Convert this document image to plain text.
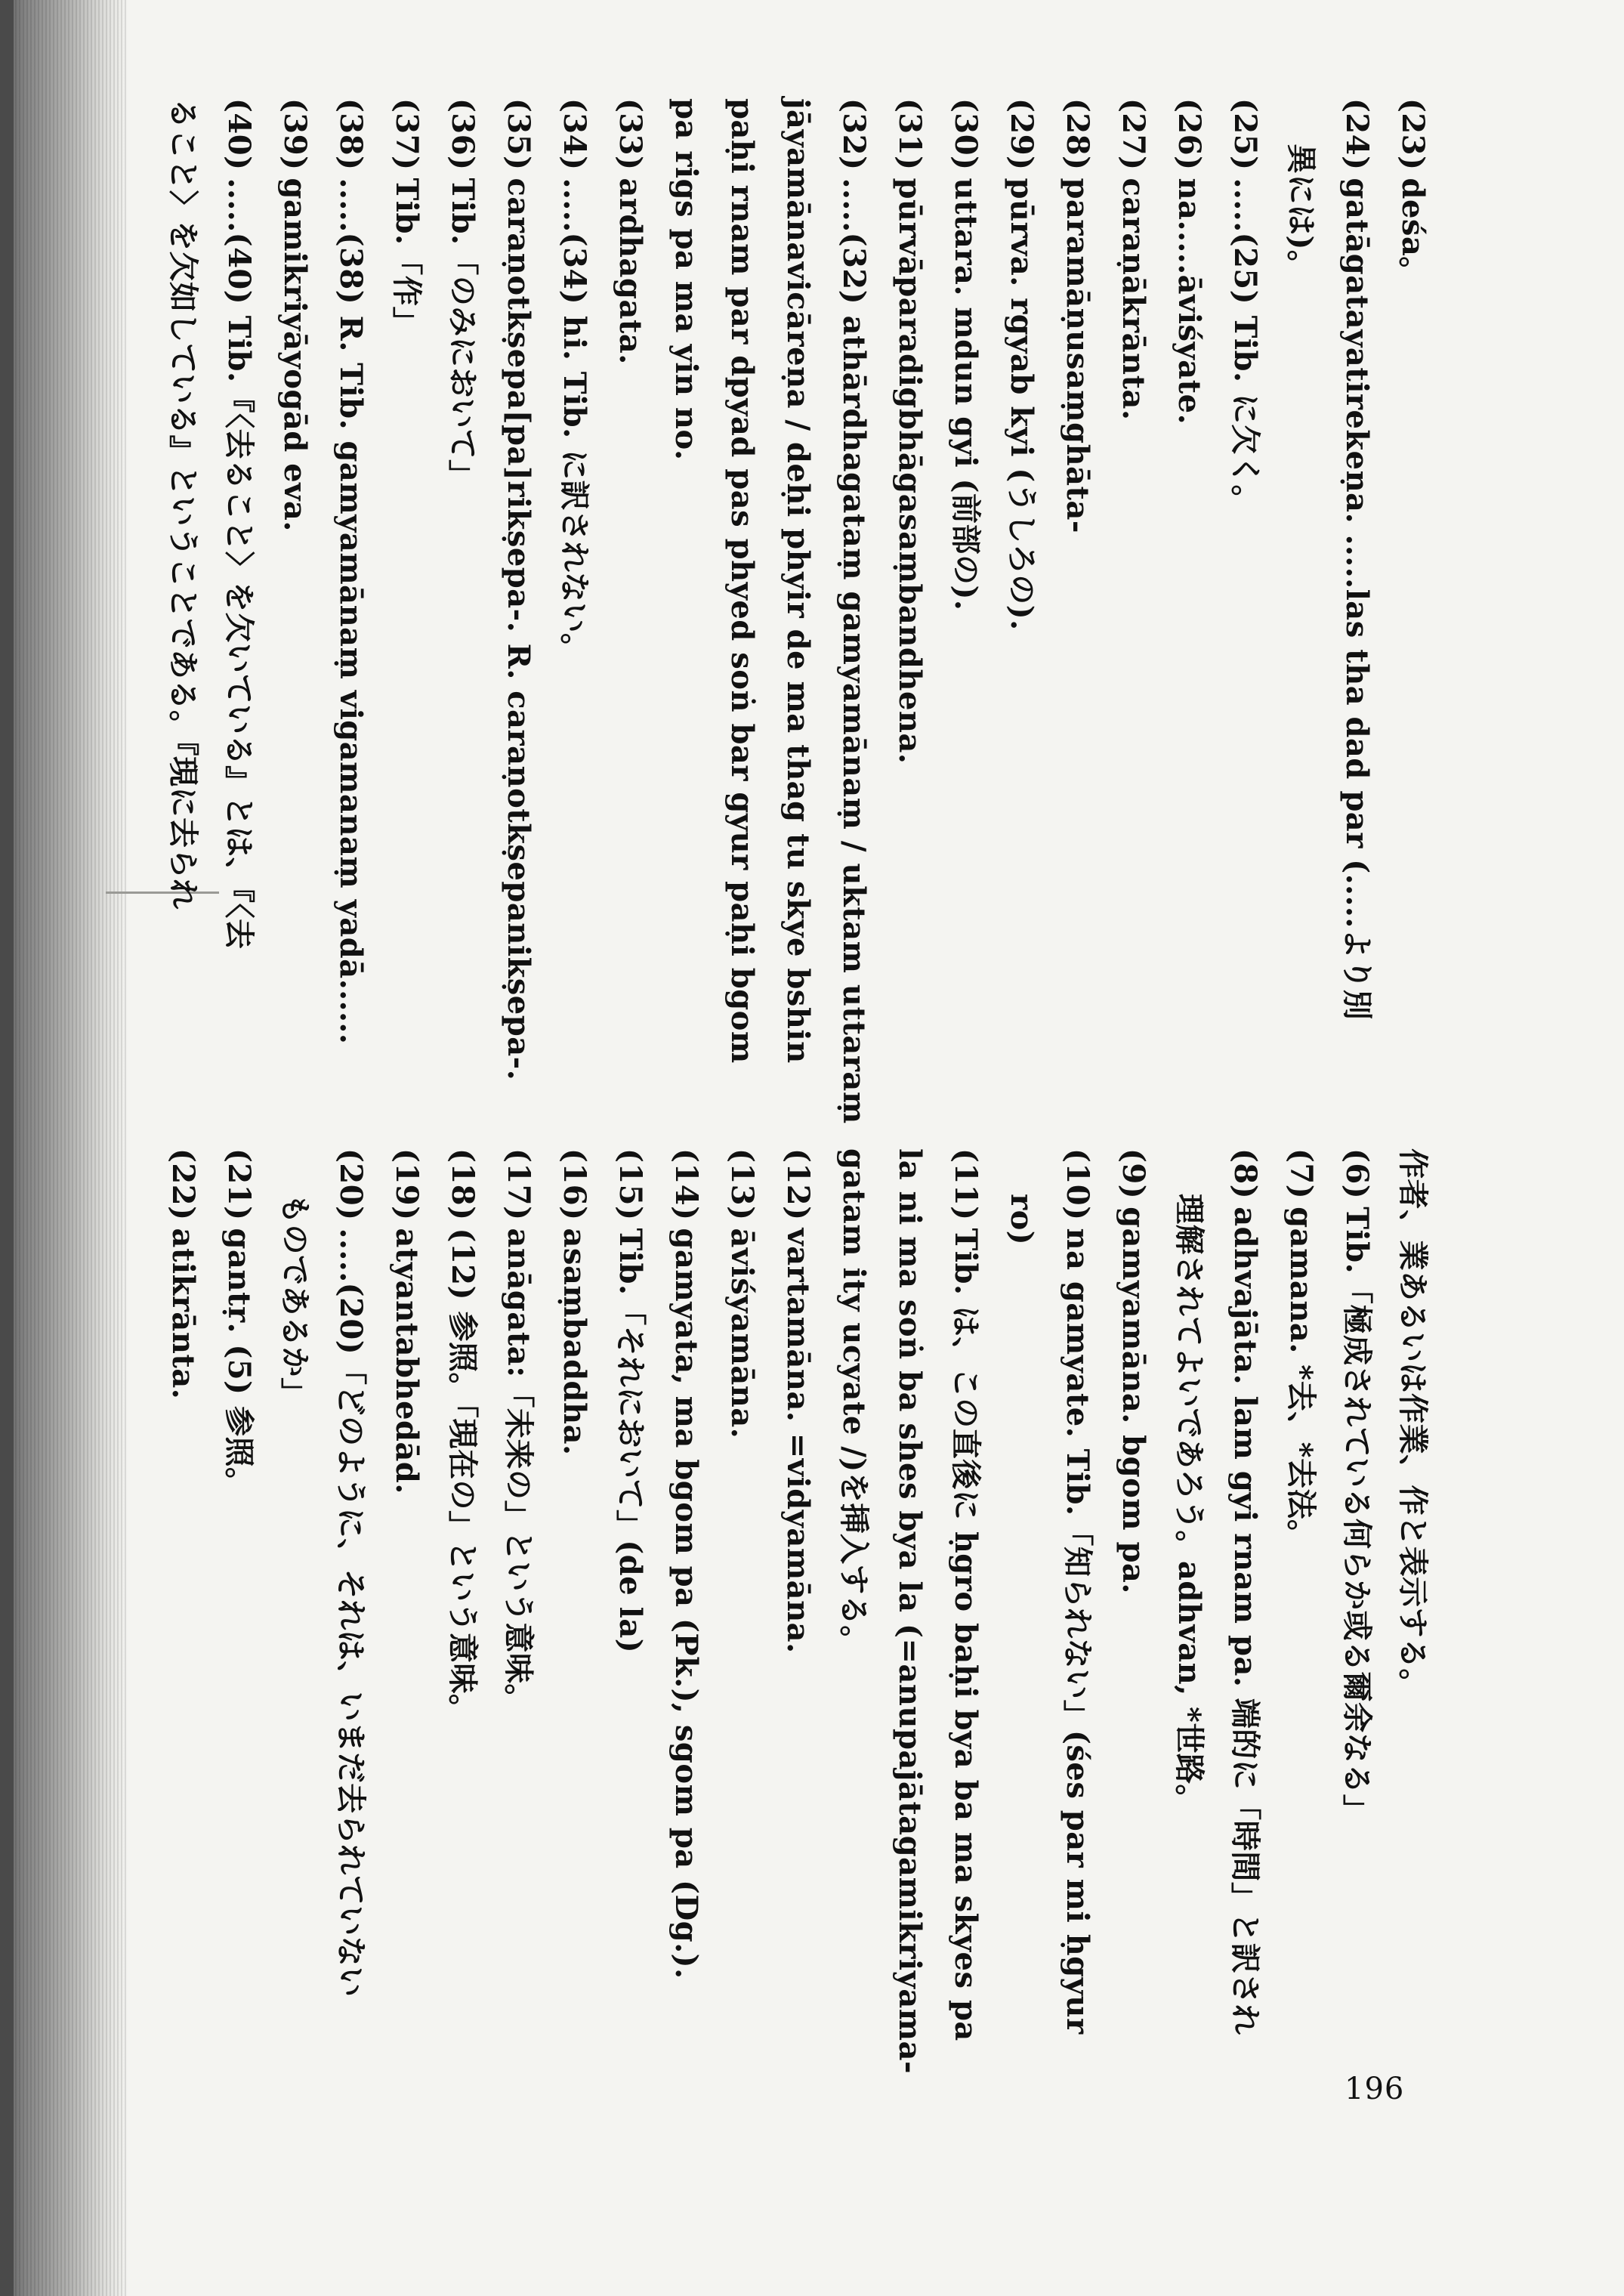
196
(23)deśa。
(24)gatāgatayatirekeṇa. .....las tha dad par (.....より別
異には)。
(25).....(25) Tib. に欠く。
(26)na.....āviśyate.
(27)caraṇākrānta.
(28)paramāṇusaṃghāta-
(29)pūrva. rgyab kyi (うしろの).
(30)uttara. mdun gyi (前部の).
(31)pūrvāparadigbhāgasaṃbandhena.
(32).....(32) athārdhagataṃ gamyamānaṃ / uktam uttaraṃ
jāyamānavicāreṇa / deḥi phyir de ma thag tu skye bshin
paḥi rnam par dpyad pas phyed soṅ bar gyur paḥi bgom
pa rigs pa ma yin no.
(33)ardhagata.
(34).....(34) hi. Tib. に訳されない。
(35)caraṇotkṣepa[pa]rikṣepa-. R. caraṇotkṣepanikṣepa-.
(36)Tib.「のみにおいて」
(37)Tib.「作」
(38).....(38) R. Tib. gamyamānaṃ vigamanaṃ yadā......
(39)gamikriyāyogād eva.
(40).....(40) Tib.『〈去ること〉を欠いている』とは、『〈去
ること〉を欠如している』ということである。『現に去られ
作者、業あるいは作業、作と表示する。
(6)Tib.「極成されている何らか或る爾余なる」
(7)gamana. *去、*去法。
(8)adhvajāta. lam gyi rnam pa. 端的に「時間」と訳され
理解されてよいであろう。adhvan, *世路。
(9)gamyamāna. bgom pa.
(10)na gamyate. Tib.「知られない」(śes par mi ḥgyur
ro)
(11)Tib. は、この直後に ḥgro baḥi bya ba ma skyes pa
la ni ma soṅ ba shes bya la (=anupajātagamikriyama-
gatam ity ucyate /)を挿入する。
(12)vartamāna. =vidyamāna.
(13)āviśyamāna.
(14)gamyata, ma bgom pa (Pk.), sgom pa (Dg.).
(15)Tib.「それにおいて」(de la)
(16)asaṃbaddha.
(17)anāgata:「未来の」という意味。
(18)(12) 参照。「現在の」という意味。
(19)atyantabhedād.
(20).....(20)「どのように、それは、いまだ去られていない
ものであるか」
(21)gantṛ. (5) 参照。
(22)atikrānta.
